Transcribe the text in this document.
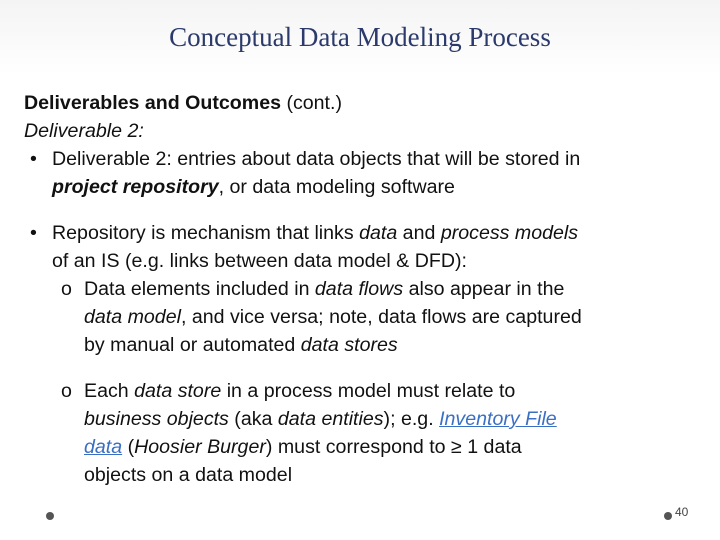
Conceptual Data Modeling Process
Deliverables and Outcomes (cont.)
Deliverable 2:
• Deliverable 2: entries about data objects that will be stored in
project repository, or data modeling software
• Repository is mechanism that links data and process models
of an IS (e.g. links between data model & DFD):
o Data elements included in data flows also appear in the
data model, and vice versa; note, data flows are captured
by manual or automated data stores
o Each data store in a process model must relate to
business objects (aka data entities); e.g. Inventory File
data (Hoosier Burger) must correspond to ≥ 1 data
objects on a data model
40
